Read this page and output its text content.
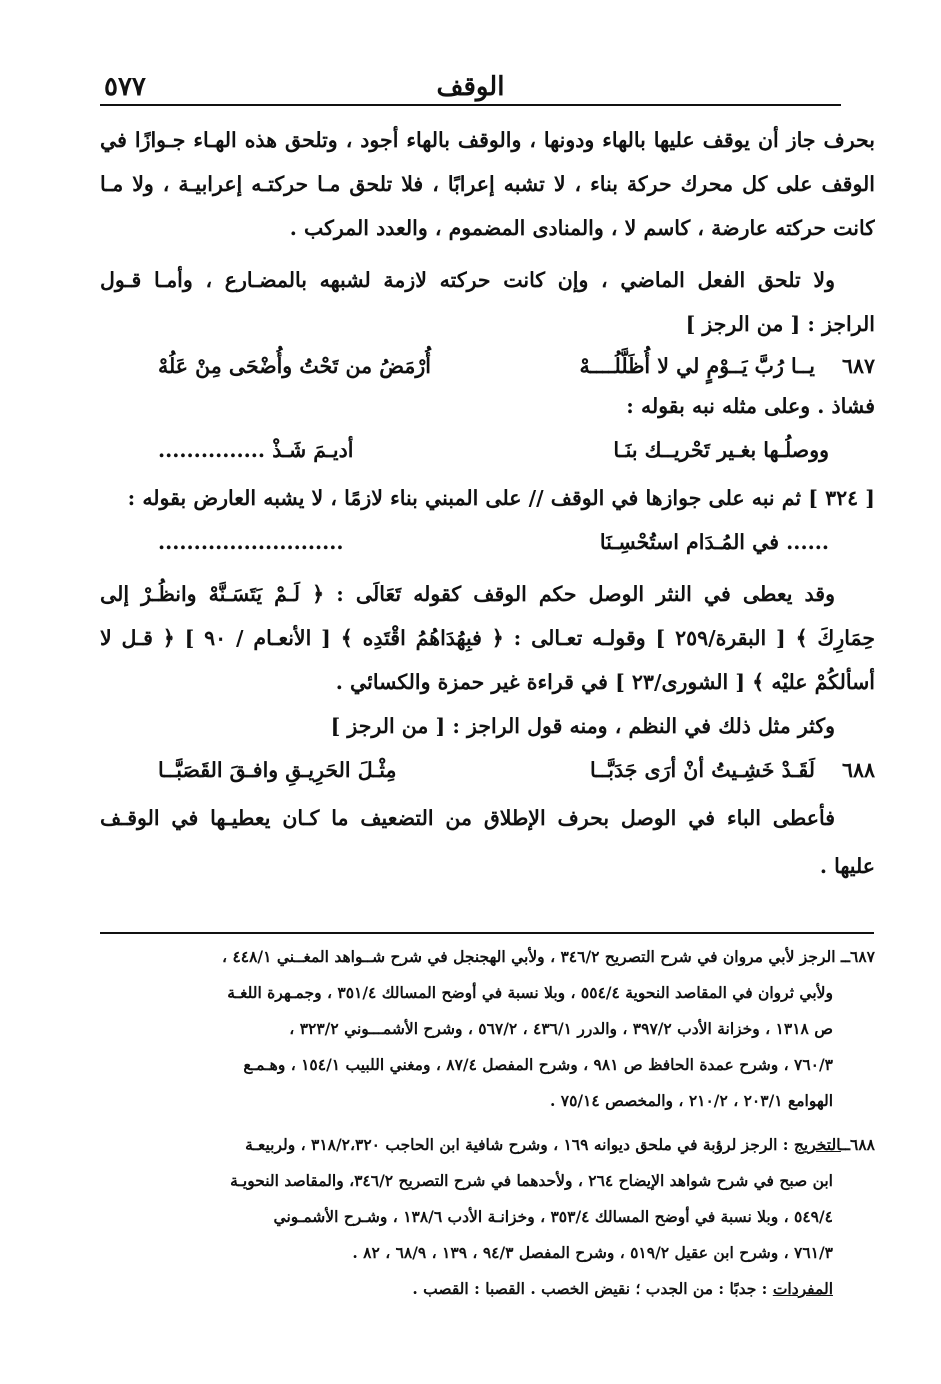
الوقف
٥٧٧
بحرف جاز أن يوقف عليها بالهاء ودونها ، والوقف بالهاء أجود ، وتلحق هذه الهـاء جـوازًا في
الوقف على كل محرك حركة بناء ، لا تشبه إعرابًا ، فلا تلحق مـا حركتـه إعرابيـة ، ولا مـا
كانت حركته عارضة ، كاسم لا ، والمنادى المضموم ، والعدد المركب .
ولا تلحق الفعل الماضي ، وإن كانت حركته لازمة لشبهه بالمضـارع ، وأمـا قـول
الراجز : [ من الرجز ]
٦٨٧
يــا رُبَّ يَــوْمٍ لي لا أُظَلَّلُــــهْ
أُرْمَضُ من تَحْتُ وأُضْحَى مِنْ عَلُهْ
فشاذ . وعلى مثله نبه بقوله :
ووصلُـها بغـير تَحْريــك بنَـا
أديـمَ شَـذْ ...............
[ ٣٢٤ ] ثم نبه على جوازها في الوقف // على المبني بناء لازمًا ، لا يشبه العارض بقوله :
...... في المُـدَام استُحْسِـنَا
..........................
وقد يعطى في النثر الوصل حكم الوقف كقوله تَعَالَى : ﴿ لَـمْ يَتَسَـنَّهْ وانظُـرْ إلى
حِمَارِكَ ﴾ [ البقرة/٢٥٩ ] وقولـه تعـالى : ﴿ فبِهُدَاهُمُ اقْتَدِه ﴾ [ الأنعـام / ٩٠ ] ﴿ قـل لا
أسألكُمْ عليْه ﴾ [ الشورى/٢٣ ] في قراءة غير حمزة والكسائي .
وكثر مثل ذلك في النظم ، ومنه قول الراجز : [ من الرجز ]
٦٨٨
لَقَـدْ خَشِـيتُ أنْ أرَى جَدَبَّــا
مِثْـلَ الحَرِيـقِ وافـقَ القَصَبَّــا
فأعطى الباء في الوصل بحرف الإطلاق من التضعيف ما كـان يعطيـها في الوقـف
عليها .
٦٨٧ــ الرجز لأبي مروان في شرح التصريح ٣٤٦/٢ ، ولأبي الهجنجل في شرح شــواهد المغــني ٤٤٨/١ ،
ولأبي ثروان في المقاصد النحوية ٥٥٤/٤ ، وبلا نسبة في أوضح المسالك ٣٥١/٤ ، وجمـهرة اللغـة
ص ١٣١٨ ، وخزانة الأدب ٣٩٧/٢ ، والدرر ٤٣٦/١ ، ٥٦٧/٢ ، وشرح الأشمـــوني ٣٢٣/٢ ،
٧٦٠/٣ ، وشرح عمدة الحافظ ص ٩٨١ ، وشرح المفصل ٨٧/٤ ، ومغني اللبيب ١٥٤/١ ، وهـمـع
الهوامع ٢٠٣/١ ، ٢١٠/٢ ، والمخصص ٧٥/١٤ .
٦٨٨ــالتخريج : الرجز لرؤبة في ملحق ديوانه ١٦٩ ، وشرح شافية ابن الحاجب ٣١٨/٢،٣٢٠ ، ولربيعـة
ابن صبح في شرح شواهد الإيضاح ٢٦٤ ، ولأحدهما في شرح التصريح ٣٤٦/٢، والمقاصد النحويـة
٥٤٩/٤ ، وبلا نسبة في أوضح المسالك ٣٥٣/٤ ، وخزانـة الأدب ١٣٨/٦ ، وشـرح الأشمـوني
٧٦١/٣ ، وشرح ابن عقيل ٥١٩/٢ ، وشرح المفصل ٩٤/٣ ، ١٣٩ ، ٦٨/٩ ، ٨٢ .
المفردات : جدبًا : من الجدب ؛ نقيض الخصب . القصبا : القصب .
